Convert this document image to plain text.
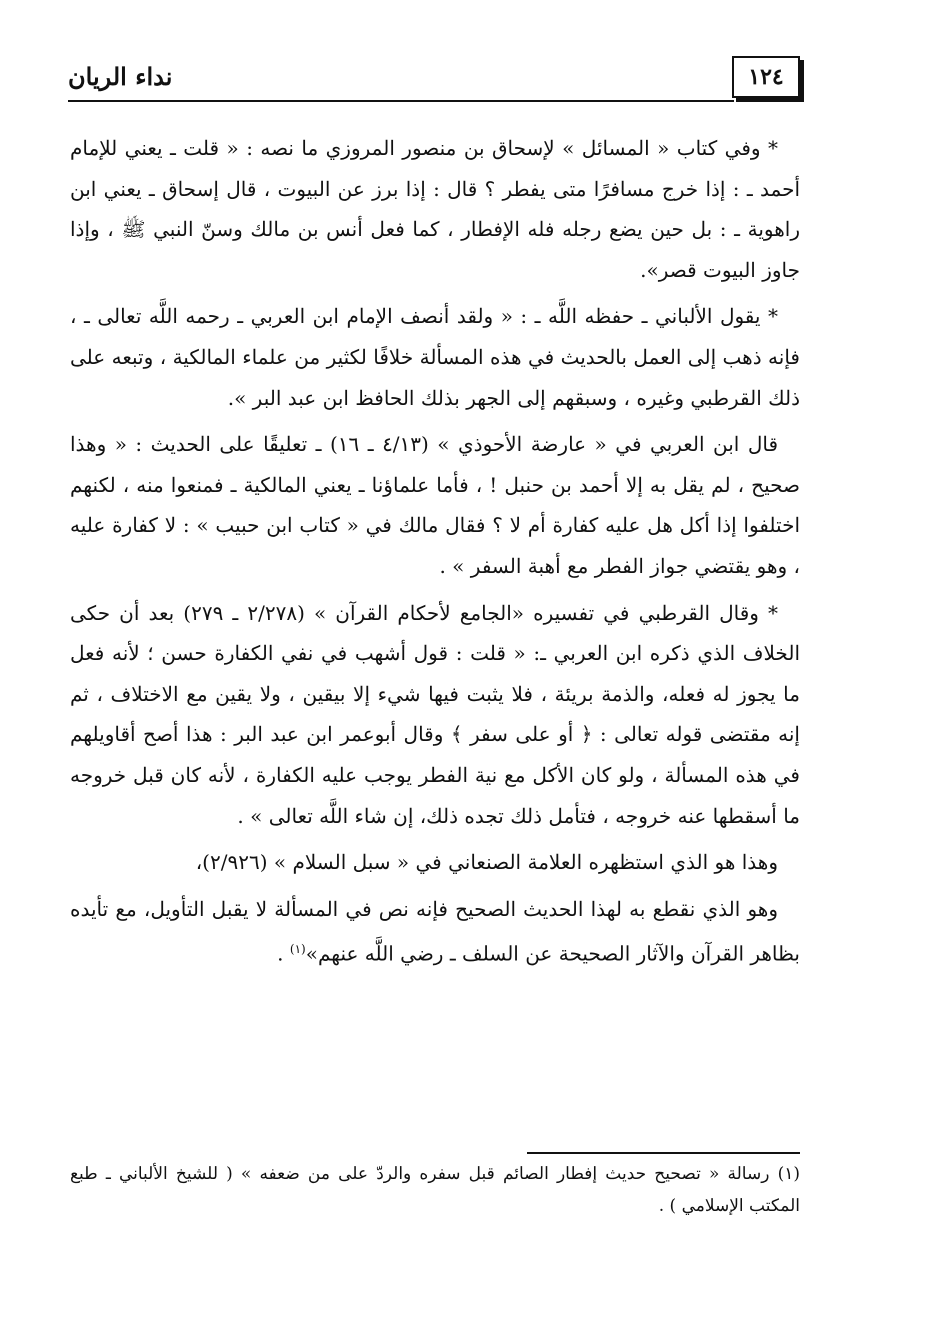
١٢٤
نداء الريان

* وفي كتاب « المسائل » لإسحاق بن منصور المروزي ما نصه : « قلت ـ يعني للإمام أحمد ـ : إذا خرج مسافرًا متى يفطر ؟ قال : إذا برز عن البيوت ، قال إسحاق ـ يعني ابن راهوية ـ : بل حين يضع رجله فله الإفطار ، كما فعل أنس بن مالك وسنّ النبي ﷺ ، وإذا جاوز البيوت قصر».

* يقول الألباني ـ حفظه اللَّه ـ : « ولقد أنصف الإمام ابن العربي ـ رحمه اللَّه تعالى ـ ، فإنه ذهب إلى العمل بالحديث في هذه المسألة خلافًا لكثير من علماء المالكية ، وتبعه على ذلك القرطبي وغيره ، وسبقهم إلى الجهر بذلك الحافظ ابن عبد البر ».

قال ابن العربي في « عارضة الأحوذي » (٤/١٣ ـ ١٦) ـ تعليقًا على الحديث : « وهذا صحيح ، لم يقل به إلا أحمد بن حنبل ! ، فأما علماؤنا ـ يعني المالكية ـ فمنعوا منه ، لكنهم اختلفوا إذا أكل هل عليه كفارة أم لا ؟ فقال مالك في « كتاب ابن حبيب » : لا كفارة عليه ، وهو يقتضي جواز الفطر مع أهبة السفر » .

* وقال القرطبي في تفسيره «الجامع لأحكام القرآن » (٢/٢٧٨ ـ ٢٧٩) بعد أن حكى الخلاف الذي ذكره ابن العربي ـ: « قلت : قول أشهب في نفي الكفارة حسن ؛ لأنه فعل ما يجوز له فعله، والذمة بريئة ، فلا يثبت فيها شيء إلا بيقين ، ولا يقين مع الاختلاف ، ثم إنه مقتضى قوله تعالى : ﴿ أو على سفر ﴾ وقال أبوعمر ابن عبد البر : هذا أصح أقاويلهم في هذه المسألة ، ولو كان الأكل مع نية الفطر يوجب عليه الكفارة ، لأنه كان قبل خروجه ما أسقطها عنه خروجه ، فتأمل ذلك تجده ذلك، إن شاء اللَّه تعالى » .

وهذا هو الذي استظهره العلامة الصنعاني في « سبل السلام » (٢/٩٢٦)،

وهو الذي نقطع به لهذا الحديث الصحيح فإنه نص في المسألة لا يقبل التأويل، مع تأيده بظاهر القرآن والآثار الصحيحة عن السلف ـ رضي اللَّه عنهم»$^{(١)}$ .

(١) رسالة « تصحيح حديث إفطار الصائم قبل سفره والردّ على من ضعفه » ( للشيخ الألباني ـ طبع المكتب الإسلامي ) .
